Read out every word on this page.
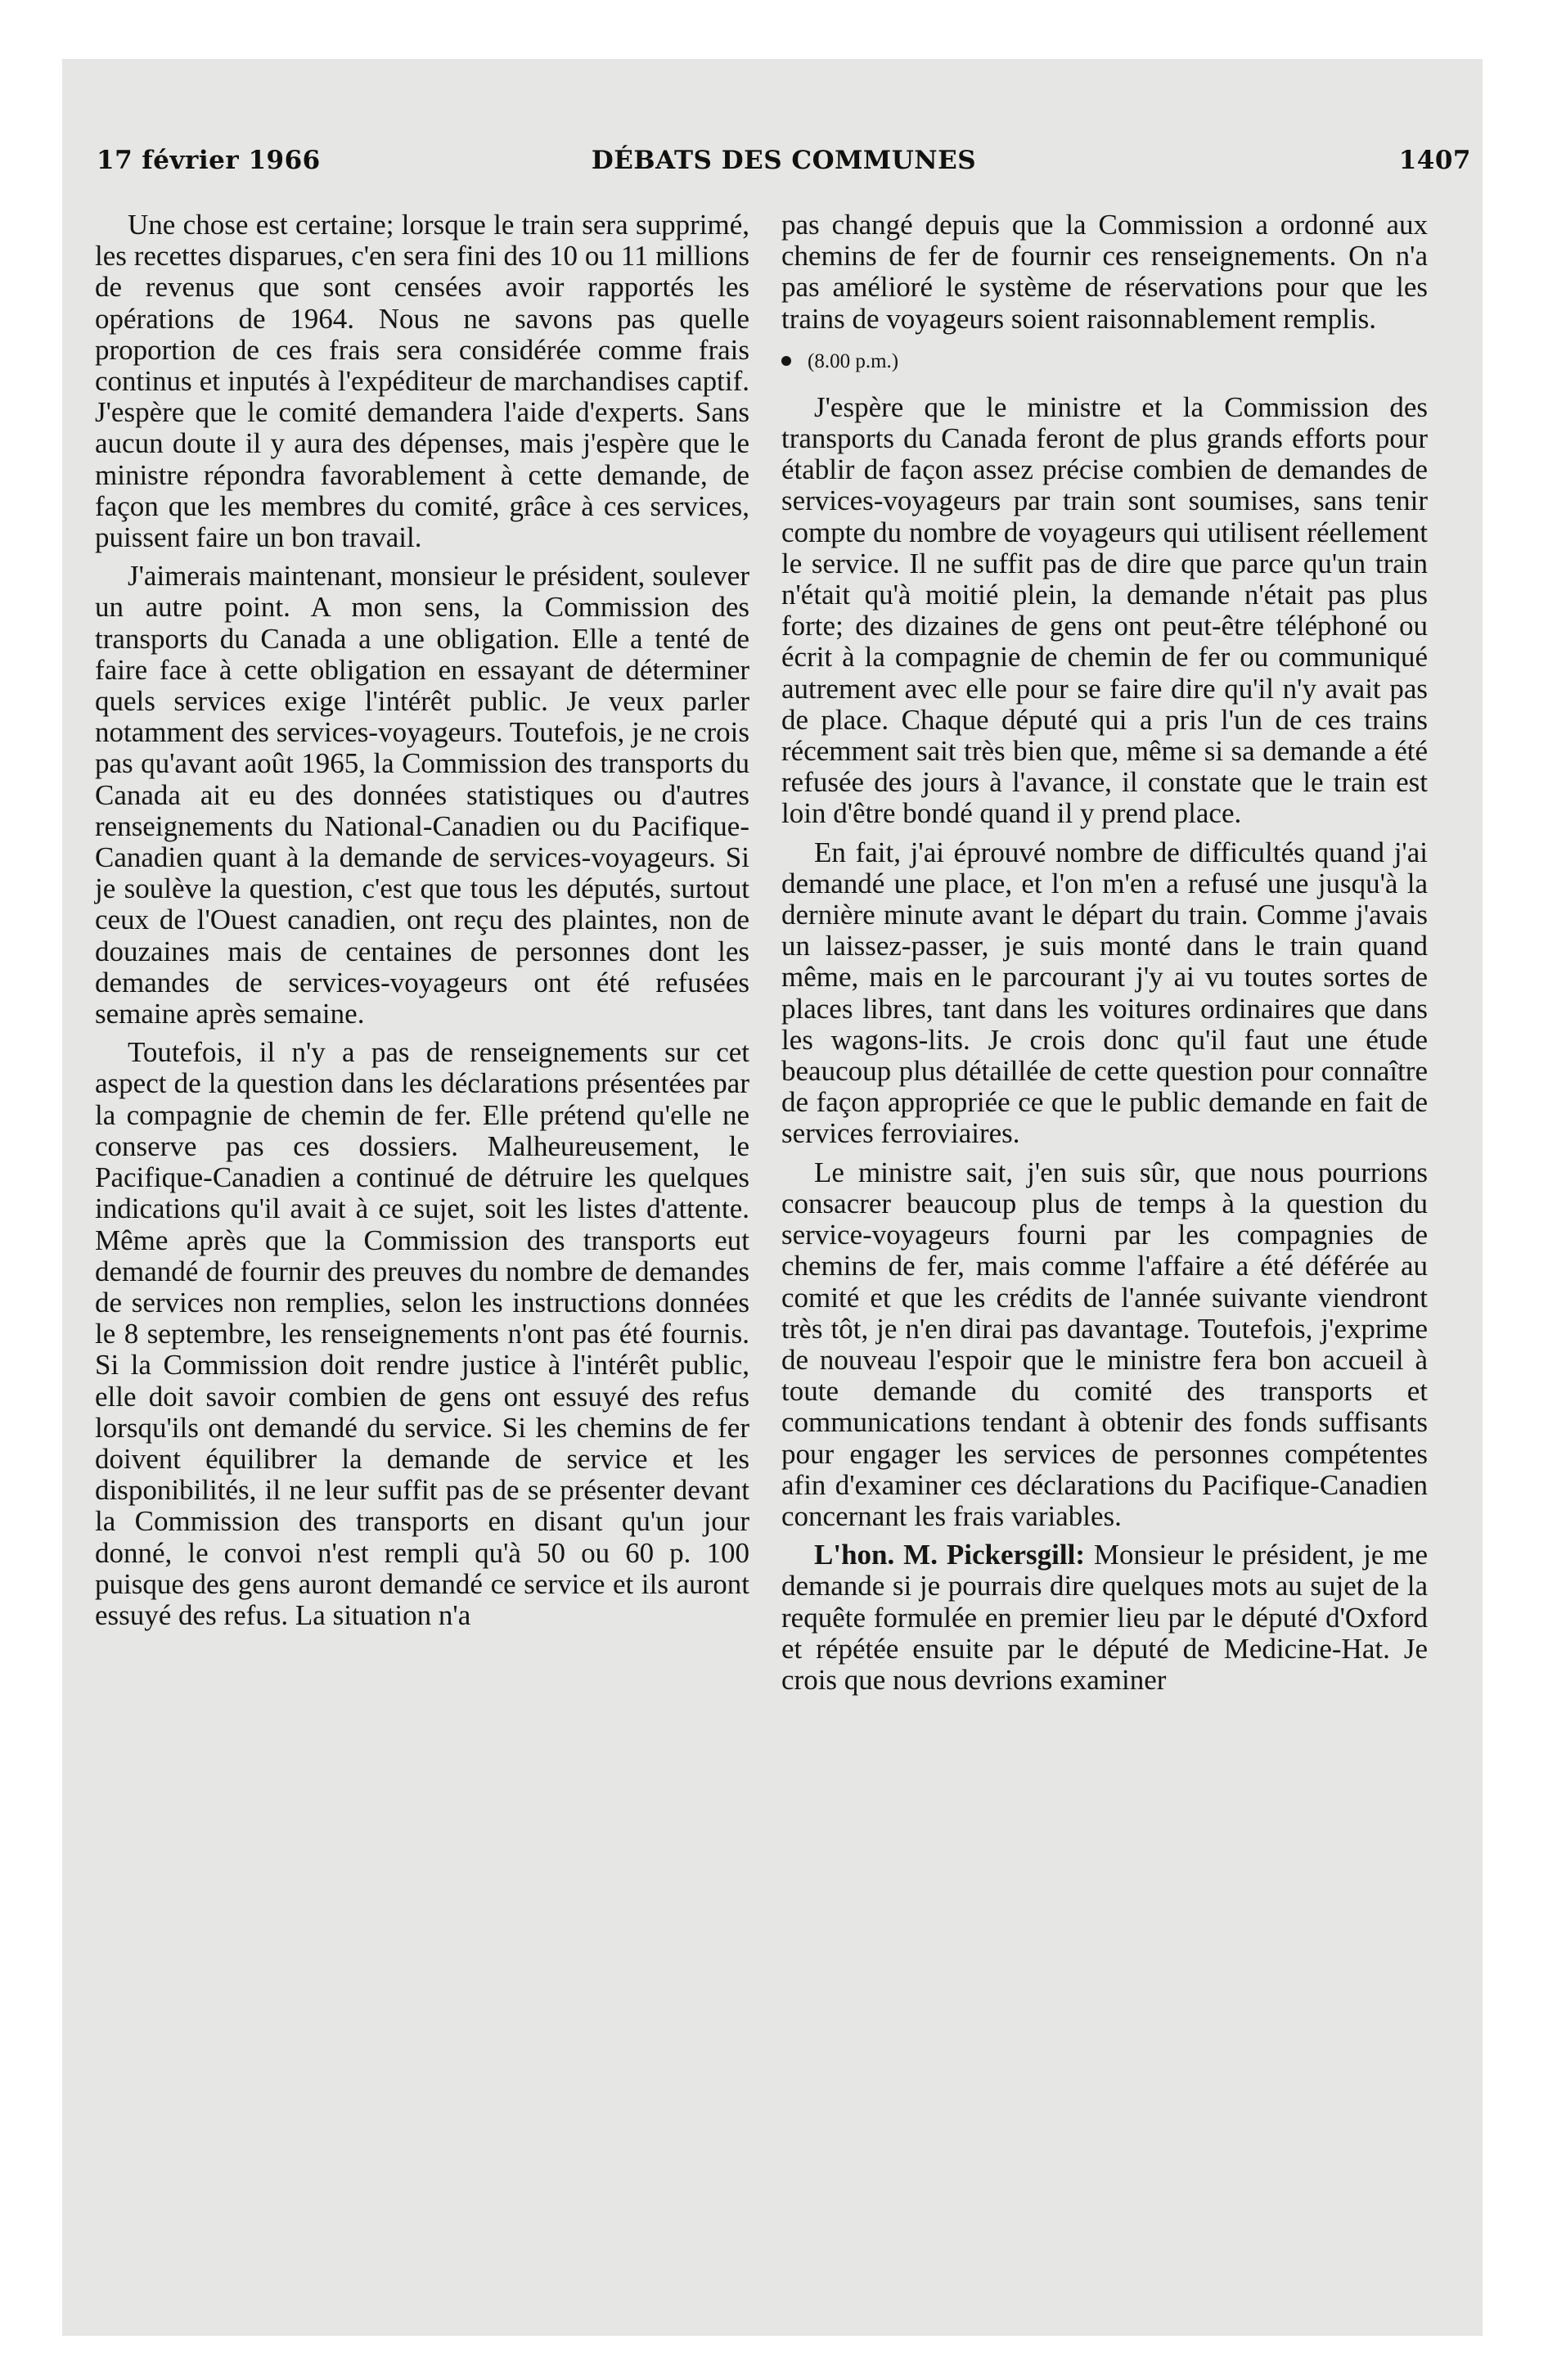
17 février 1966	DÉBATS DES COMMUNES	1407

Une chose est certaine; lorsque le train sera supprimé, les recettes disparues, c'en sera fini des 10 ou 11 millions de revenus que sont censées avoir rapportés les opérations de 1964. Nous ne savons pas quelle proportion de ces frais sera considérée comme frais continus et inputés à l'expéditeur de marchandises captif. J'espère que le comité demandera l'aide d'experts. Sans aucun doute il y aura des dépenses, mais j'espère que le ministre répondra favorablement à cette demande, de façon que les membres du comité, grâce à ces services, puissent faire un bon travail.

J'aimerais maintenant, monsieur le président, soulever un autre point. A mon sens, la Commission des transports du Canada a une obligation. Elle a tenté de faire face à cette obligation en essayant de déterminer quels services exige l'intérêt public. Je veux parler notamment des services-voyageurs. Toutefois, je ne crois pas qu'avant août 1965, la Commission des transports du Canada ait eu des données statistiques ou d'autres renseignements du National-Canadien ou du Pacifique-Canadien quant à la demande de services-voyageurs. Si je soulève la question, c'est que tous les députés, surtout ceux de l'Ouest canadien, ont reçu des plaintes, non de douzaines mais de centaines de personnes dont les demandes de services-voyageurs ont été refusées semaine après semaine.

Toutefois, il n'y a pas de renseignements sur cet aspect de la question dans les déclarations présentées par la compagnie de chemin de fer. Elle prétend qu'elle ne conserve pas ces dossiers. Malheureusement, le Pacifique-Canadien a continué de détruire les quelques indications qu'il avait à ce sujet, soit les listes d'attente. Même après que la Commission des transports eut demandé de fournir des preuves du nombre de demandes de services non remplies, selon les instructions données le 8 septembre, les renseignements n'ont pas été fournis. Si la Commission doit rendre justice à l'intérêt public, elle doit savoir combien de gens ont essuyé des refus lorsqu'ils ont demandé du service. Si les chemins de fer doivent équilibrer la demande de service et les disponibilités, il ne leur suffit pas de se présenter devant la Commission des transports en disant qu'un jour donné, le convoi n'est rempli qu'à 50 ou 60 p. 100 puisque des gens auront demandé ce service et ils auront essuyé des refus. La situation n'a

pas changé depuis que la Commission a ordonné aux chemins de fer de fournir ces renseignements. On n'a pas amélioré le système de réservations pour que les trains de voyageurs soient raisonnablement remplis.

(8.00 p.m.)

J'espère que le ministre et la Commission des transports du Canada feront de plus grands efforts pour établir de façon assez précise combien de demandes de services-voyageurs par train sont soumises, sans tenir compte du nombre de voyageurs qui utilisent réellement le service. Il ne suffit pas de dire que parce qu'un train n'était qu'à moitié plein, la demande n'était pas plus forte; des dizaines de gens ont peut-être téléphoné ou écrit à la compagnie de chemin de fer ou communiqué autrement avec elle pour se faire dire qu'il n'y avait pas de place. Chaque député qui a pris l'un de ces trains récemment sait très bien que, même si sa demande a été refusée des jours à l'avance, il constate que le train est loin d'être bondé quand il y prend place.

En fait, j'ai éprouvé nombre de difficultés quand j'ai demandé une place, et l'on m'en a refusé une jusqu'à la dernière minute avant le départ du train. Comme j'avais un laissez-passer, je suis monté dans le train quand même, mais en le parcourant j'y ai vu toutes sortes de places libres, tant dans les voitures ordinaires que dans les wagons-lits. Je crois donc qu'il faut une étude beaucoup plus détaillée de cette question pour connaître de façon appropriée ce que le public demande en fait de services ferroviaires.

Le ministre sait, j'en suis sûr, que nous pourrions consacrer beaucoup plus de temps à la question du service-voyageurs fourni par les compagnies de chemins de fer, mais comme l'affaire a été déférée au comité et que les crédits de l'année suivante viendront très tôt, je n'en dirai pas davantage. Toutefois, j'exprime de nouveau l'espoir que le ministre fera bon accueil à toute demande du comité des transports et communications tendant à obtenir des fonds suffisants pour engager les services de personnes compétentes afin d'examiner ces déclarations du Pacifique-Canadien concernant les frais variables.

L'hon. M. Pickersgill: Monsieur le président, je me demande si je pourrais dire quelques mots au sujet de la requête formulée en premier lieu par le député d'Oxford et répétée ensuite par le député de Medicine-Hat. Je crois que nous devrions examiner
